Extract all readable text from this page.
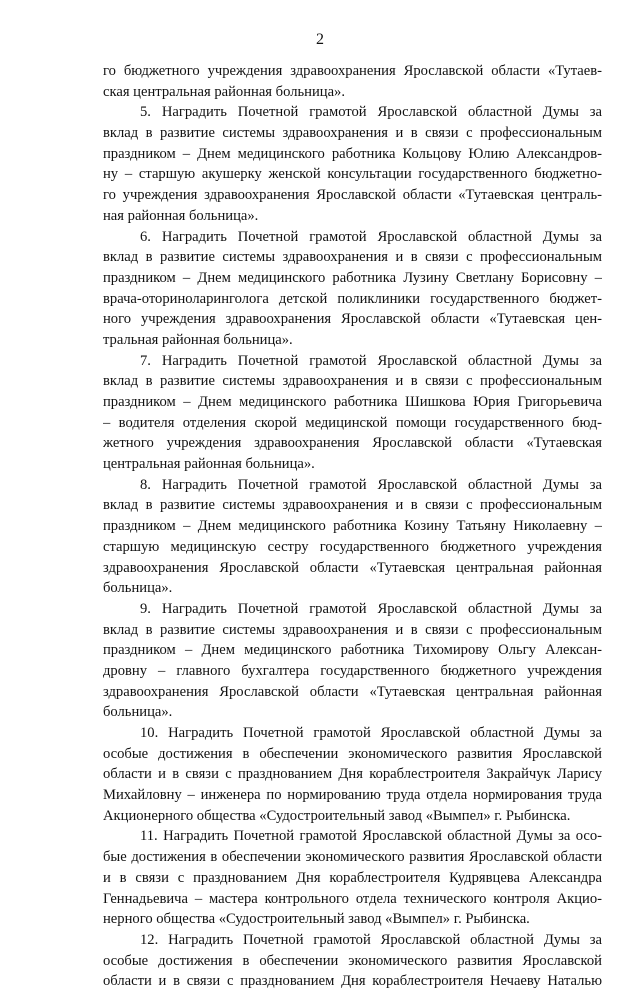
2
го бюджетного учреждения здравоохранения Ярославской области «Тутаев-
ская центральная районная больница».
5. Наградить Почетной грамотой Ярославской областной Думы за
вклад в развитие системы здравоохранения и в связи с профессиональным
праздником – Днем медицинского работника Кольцову Юлию Александров-
ну – старшую акушерку женской консультации государственного бюджетно-
го учреждения здравоохранения Ярославской области «Тутаевская централь-
ная районная больница».
6. Наградить Почетной грамотой Ярославской областной Думы за
вклад в развитие системы здравоохранения и в связи с профессиональным
праздником – Днем медицинского работника Лузину Светлану Борисовну –
врача-оториноларинголога детской поликлиники государственного бюджет-
ного учреждения здравоохранения Ярославской области «Тутаевская цен-
тральная районная больница».
7. Наградить Почетной грамотой Ярославской областной Думы за
вклад в развитие системы здравоохранения и в связи с профессиональным
праздником – Днем медицинского работника Шишкова Юрия Григорьевича
– водителя отделения скорой медицинской помощи государственного бюд-
жетного учреждения здравоохранения Ярославской области «Тутаевская
центральная районная больница».
8. Наградить Почетной грамотой Ярославской областной Думы за
вклад в развитие системы здравоохранения и в связи с профессиональным
праздником – Днем медицинского работника Козину Татьяну Николаевну –
старшую медицинскую сестру государственного бюджетного учреждения
здравоохранения Ярославской области «Тутаевская центральная районная
больница».
9. Наградить Почетной грамотой Ярославской областной Думы за
вклад в развитие системы здравоохранения и в связи с профессиональным
праздником – Днем медицинского работника Тихомирову Ольгу Алексан-
дровну – главного бухгалтера государственного бюджетного учреждения
здравоохранения Ярославской области «Тутаевская центральная районная
больница».
10. Наградить Почетной грамотой Ярославской областной Думы за
особые достижения в обеспечении экономического развития Ярославской
области и в связи с празднованием Дня кораблестроителя Закрайчук Ларису
Михайловну – инженера по нормированию труда отдела нормирования труда
Акционерного общества «Судостроительный завод «Вымпел» г. Рыбинска.
11. Наградить Почетной грамотой Ярославской областной Думы за осо-
бые достижения в обеспечении экономического развития Ярославской области
и в связи с празднованием Дня кораблестроителя Кудрявцева Александра
Геннадьевича – мастера контрольного отдела технического контроля Акцио-
нерного общества «Судостроительный завод «Вымпел» г. Рыбинска.
12. Наградить Почетной грамотой Ярославской областной Думы за
особые достижения в обеспечении экономического развития Ярославской
области и в связи с празднованием Дня кораблестроителя Нечаеву Наталью
